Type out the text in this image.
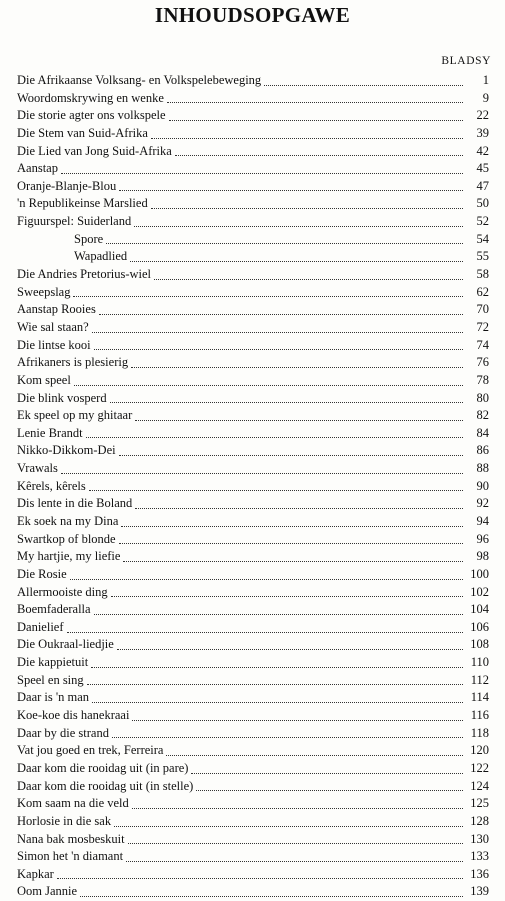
INHOUDSOPGAWE
BLADSY
Die Afrikaanse Volksang- en Volkspelebeweging	1
Woordomskrywing en wenke	9
Die storie agter ons volkspele	22
Die Stem van Suid-Afrika	39
Die Lied van Jong Suid-Afrika	42
Aanstap	45
Oranje-Blanje-Blou	47
'n Republikeinse Marslied	50
Figuurspel: Suiderland	52
Spore	54
Wapadlied	55
Die Andries Pretorius-wiel	58
Sweepslag	62
Aanstap Rooies	70
Wie sal staan?	72
Die lintse kooi	74
Afrikaners is plesierig	76
Kom speel	78
Die blink vosperd	80
Ek speel op my ghitaar	82
Lenie Brandt	84
Nikko-Dikkom-Dei	86
Vrawals	88
Kêrels, kêrels	90
Dis lente in die Boland	92
Ek soek na my Dina	94
Swartkop of blonde	96
My hartjie, my liefie	98
Die Rosie	100
Allermooiste ding	102
Boemfaderalla	104
Danielief	106
Die Oukraal-liedjie	108
Die kappietuit	110
Speel en sing	112
Daar is 'n man	114
Koe-koe dis hanekraai	116
Daar by die strand	118
Vat jou goed en trek, Ferreira	120
Daar kom die rooidag uit (in pare)	122
Daar kom die rooidag uit (in stelle)	124
Kom saam na die veld	125
Horlosie in die sak	128
Nana bak mosbeskuit	130
Simon het 'n diamant	133
Kapkar	136
Oom Jannie	139
